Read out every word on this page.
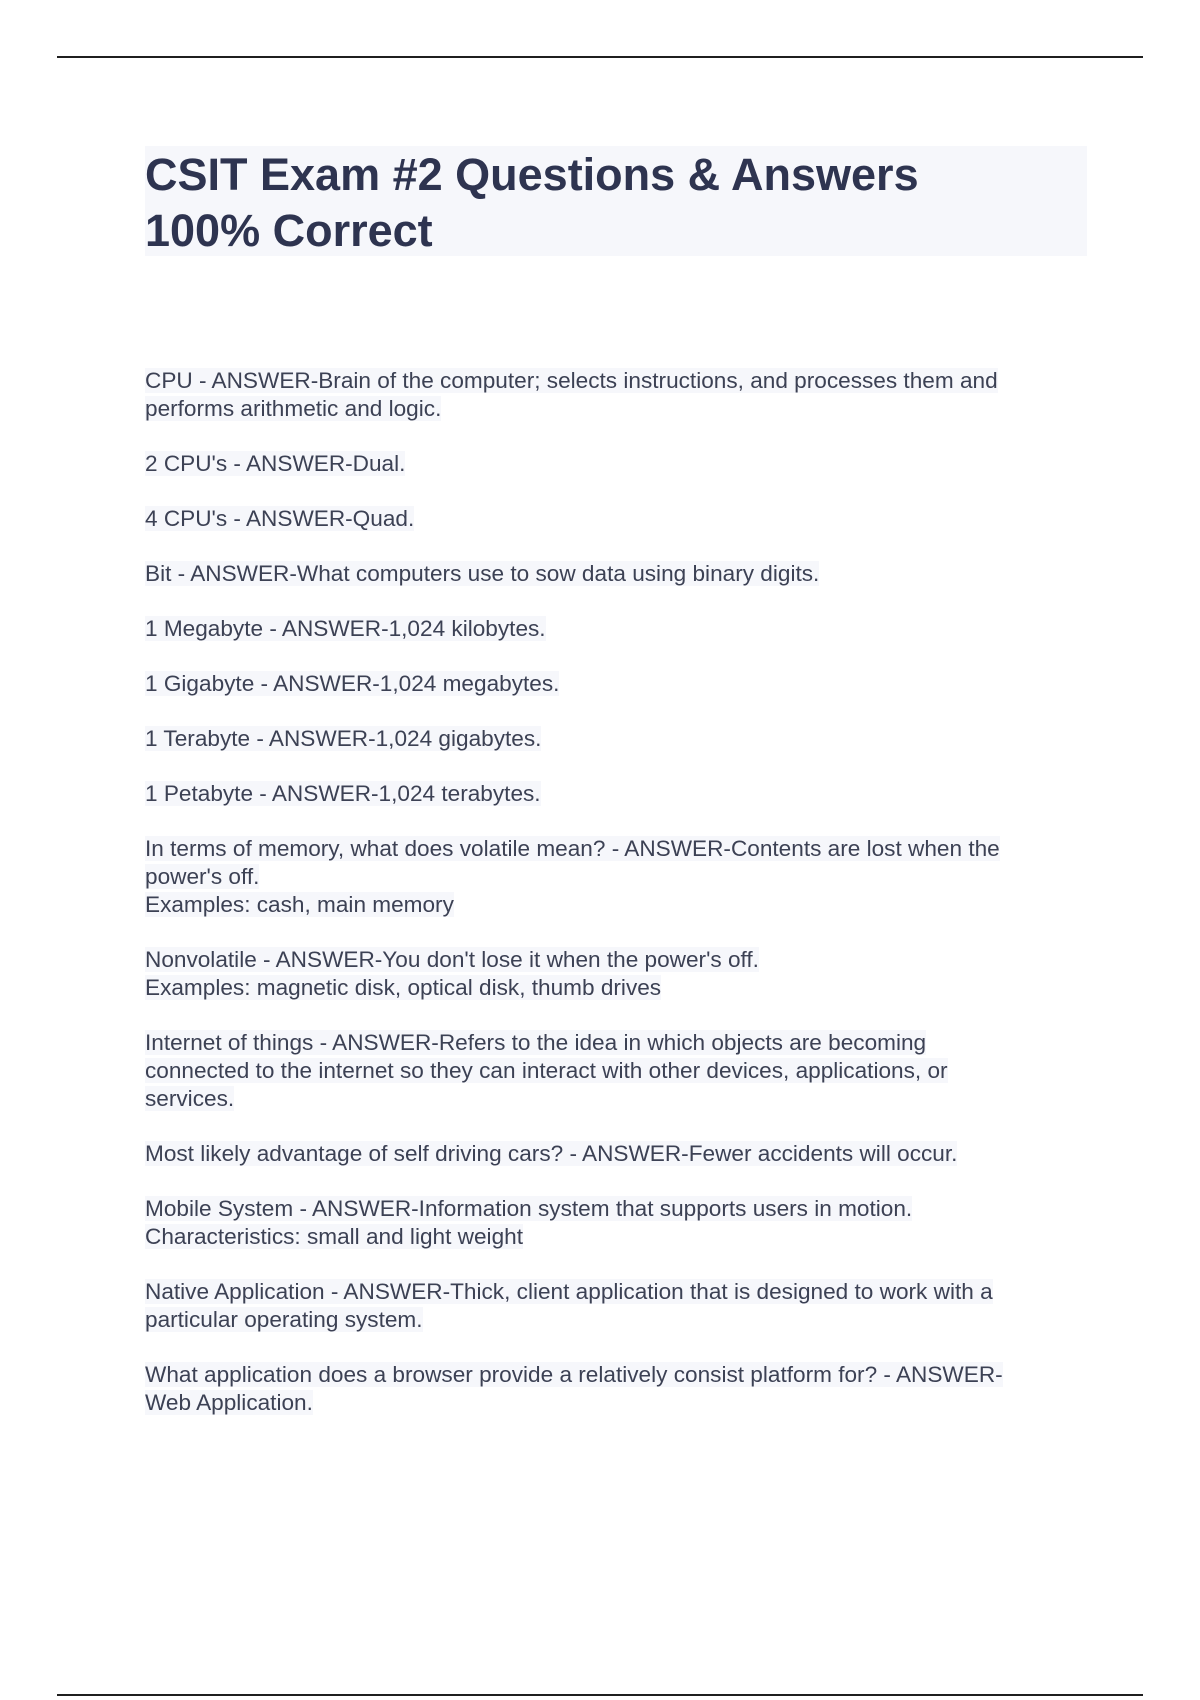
CSIT Exam #2 Questions & Answers
100% Correct
CPU - ANSWER-Brain of the computer; selects instructions, and processes them and
performs arithmetic and logic.
2 CPU's - ANSWER-Dual.
4 CPU's - ANSWER-Quad.
Bit - ANSWER-What computers use to sow data using binary digits.
1 Megabyte - ANSWER-1,024 kilobytes.
1 Gigabyte - ANSWER-1,024 megabytes.
1 Terabyte - ANSWER-1,024 gigabytes.
1 Petabyte - ANSWER-1,024 terabytes.
In terms of memory, what does volatile mean? - ANSWER-Contents are lost when the
power's off.
Examples: cash, main memory
Nonvolatile - ANSWER-You don't lose it when the power's off.
Examples: magnetic disk, optical disk, thumb drives
Internet of things - ANSWER-Refers to the idea in which objects are becoming
connected to the internet so they can interact with other devices, applications, or
services.
Most likely advantage of self driving cars? - ANSWER-Fewer accidents will occur.
Mobile System - ANSWER-Information system that supports users in motion.
Characteristics: small and light weight
Native Application - ANSWER-Thick, client application that is designed to work with a
particular operating system.
What application does a browser provide a relatively consist platform for? - ANSWER-
Web Application.
